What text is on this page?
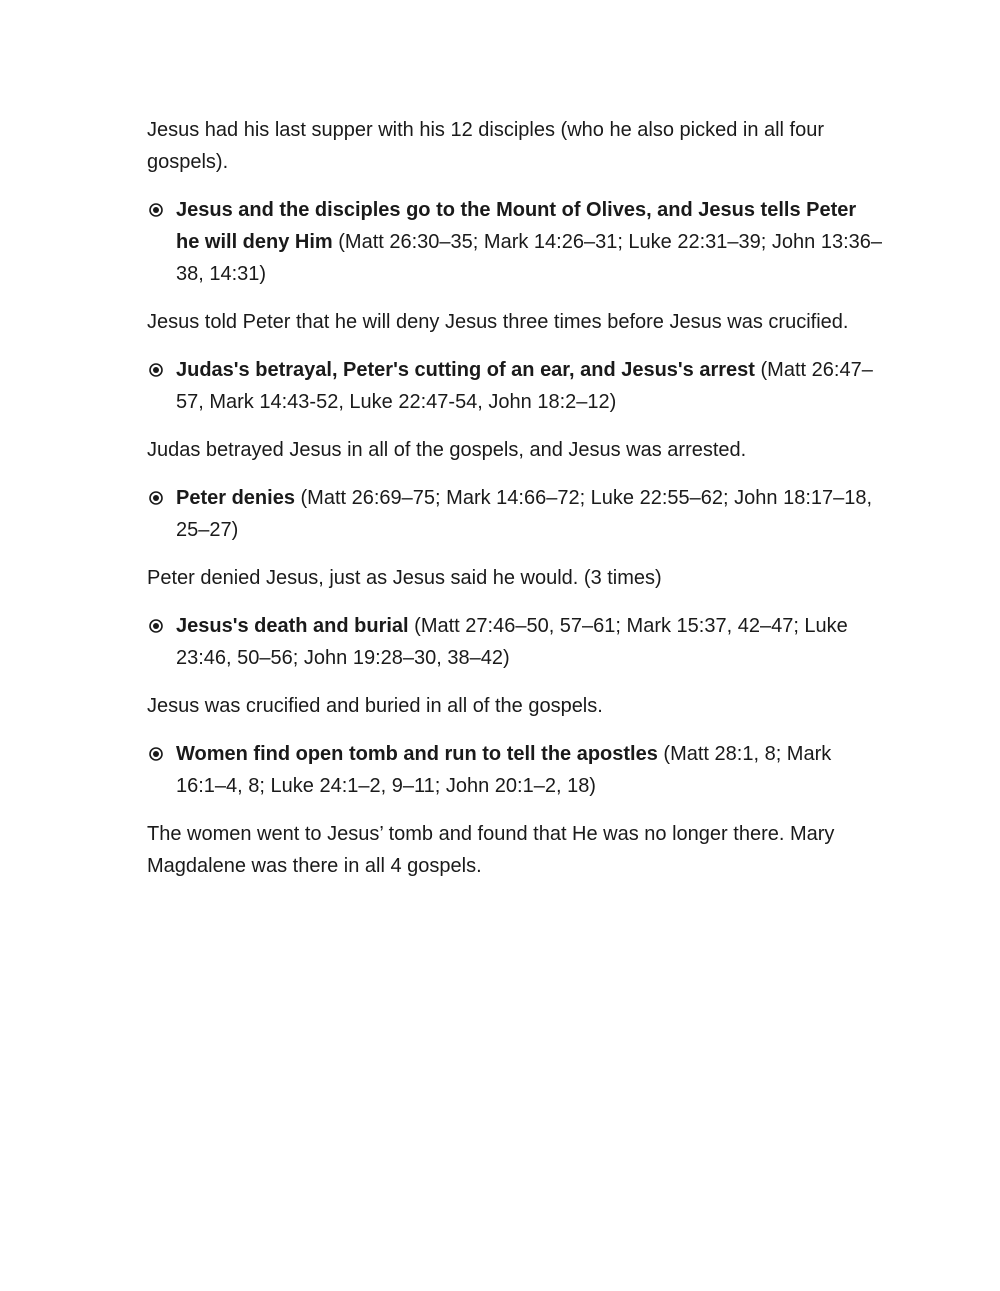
Jesus had his last supper with his 12 disciples (who he also picked in all four gospels).

Jesus and the disciples go to the Mount of Olives, and Jesus tells Peter he will deny Him (Matt 26:30–35; Mark 14:26–31; Luke 22:31–39; John 13:36–38, 14:31)

Jesus told Peter that he will deny Jesus three times before Jesus was crucified.

Judas's betrayal, Peter's cutting of an ear, and Jesus's arrest (Matt 26:47–57, Mark 14:43-52, Luke 22:47-54, John 18:2–12)

Judas betrayed Jesus in all of the gospels, and Jesus was arrested.

Peter denies (Matt 26:69–75; Mark 14:66–72; Luke 22:55–62; John 18:17–18, 25–27)

Peter denied Jesus, just as Jesus said he would. (3 times)

Jesus's death and burial (Matt 27:46–50, 57–61; Mark 15:37, 42–47; Luke 23:46, 50–56; John 19:28–30, 38–42)

Jesus was crucified and buried in all of the gospels.

Women find open tomb and run to tell the apostles (Matt 28:1, 8; Mark 16:1–4, 8; Luke 24:1–2, 9–11; John 20:1–2, 18)

The women went to Jesus’ tomb and found that He was no longer there. Mary Magdalene was there in all 4 gospels.
